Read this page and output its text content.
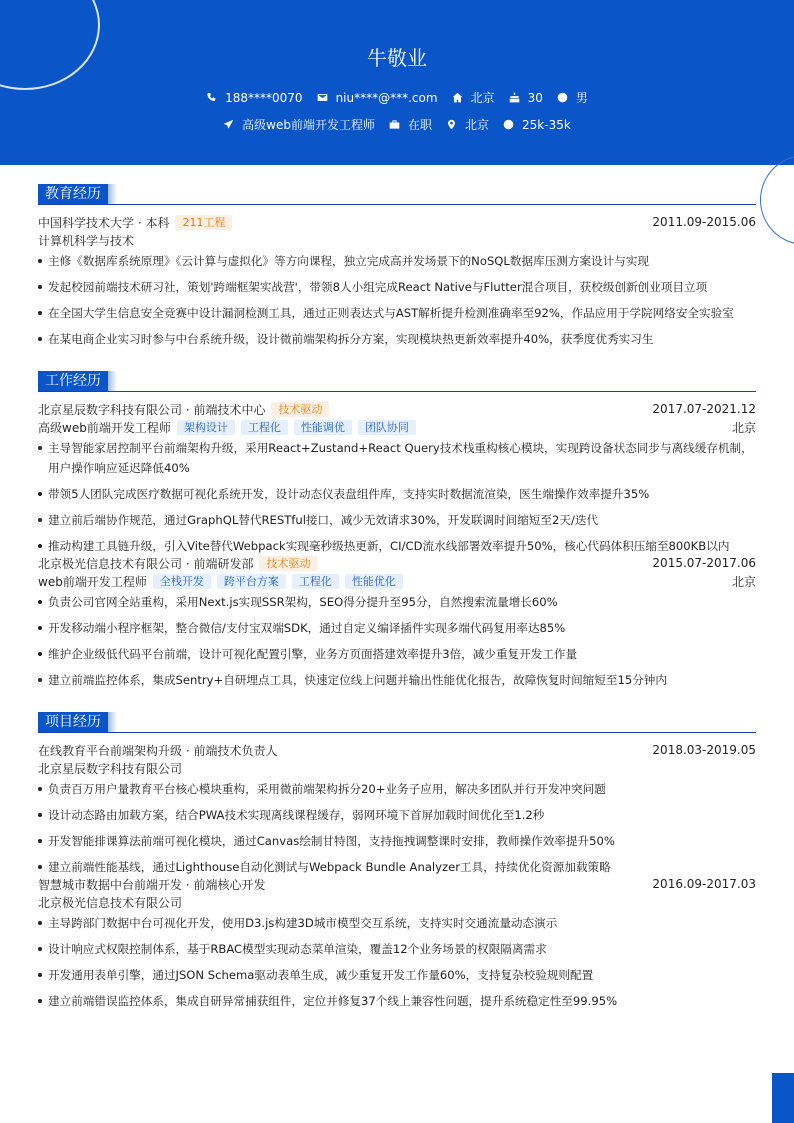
牛敬业
188****0070	niu****@***.com	北京	30	男
高级web前端开发工程师	在职	北京	25k-35k
教育经历
中国科学技术大学 · 本科	211工程	2011.09-2015.06
计算机科学与技术
主修《数据库系统原理》《云计算与虚拟化》等方向课程，独立完成高并发场景下的NoSQL数据库压测方案设计与实现
发起校园前端技术研习社，策划'跨端框架实战营'，带领8人小组完成React Native与Flutter混合项目，获校级创新创业项目立项
在全国大学生信息安全竞赛中设计漏洞检测工具，通过正则表达式与AST解析提升检测准确率至92%，作品应用于学院网络安全实验室
在某电商企业实习时参与中台系统升级，设计微前端架构拆分方案，实现模块热更新效率提升40%，获季度优秀实习生
工作经历
北京星辰数字科技有限公司 · 前端技术中心	技术驱动	2017.07-2021.12
高级web前端开发工程师	架构设计	工程化	性能调优	团队协同	北京
主导智能家居控制平台前端架构升级，采用React+Zustand+React Query技术栈重构核心模块，实现跨设备状态同步与离线缓存机制，用户操作响应延迟降低40%
带领5人团队完成医疗数据可视化系统开发，设计动态仪表盘组件库，支持实时数据流渲染，医生端操作效率提升35%
建立前后端协作规范，通过GraphQL替代RESTful接口，减少无效请求30%，开发联调时间缩短至2天/迭代
推动构建工具链升级，引入Vite替代Webpack实现毫秒级热更新，CI/CD流水线部署效率提升50%，核心代码体积压缩至800KB以内
北京极光信息技术有限公司 · 前端研发部	技术驱动	2015.07-2017.06
web前端开发工程师	全栈开发	跨平台方案	工程化	性能优化	北京
负责公司官网全站重构，采用Next.js实现SSR架构，SEO得分提升至95分，自然搜索流量增长60%
开发移动端小程序框架，整合微信/支付宝双端SDK，通过自定义编译插件实现多端代码复用率达85%
维护企业级低代码平台前端，设计可视化配置引擎，业务方页面搭建效率提升3倍，减少重复开发工作量
建立前端监控体系，集成Sentry+自研埋点工具，快速定位线上问题并输出性能优化报告，故障恢复时间缩短至15分钟内
项目经历
在线教育平台前端架构升级 · 前端技术负责人	2018.03-2019.05
北京星辰数字科技有限公司
负责百万用户量教育平台核心模块重构，采用微前端架构拆分20+业务子应用，解决多团队并行开发冲突问题
设计动态路由加载方案，结合PWA技术实现离线课程缓存，弱网环境下首屏加载时间优化至1.2秒
开发智能排课算法前端可视化模块，通过Canvas绘制甘特图，支持拖拽调整课时安排，教师操作效率提升50%
建立前端性能基线，通过Lighthouse自动化测试与Webpack Bundle Analyzer工具，持续优化资源加载策略
智慧城市数据中台前端开发 · 前端核心开发	2016.09-2017.03
北京极光信息技术有限公司
主导跨部门数据中台可视化开发，使用D3.js构建3D城市模型交互系统，支持实时交通流量动态演示
设计响应式权限控制体系，基于RBAC模型实现动态菜单渲染，覆盖12个业务场景的权限隔离需求
开发通用表单引擎，通过JSON Schema驱动表单生成，减少重复开发工作量60%，支持复杂校验规则配置
建立前端错误监控体系，集成自研异常捕获组件，定位并修复37个线上兼容性问题，提升系统稳定性至99.95%
